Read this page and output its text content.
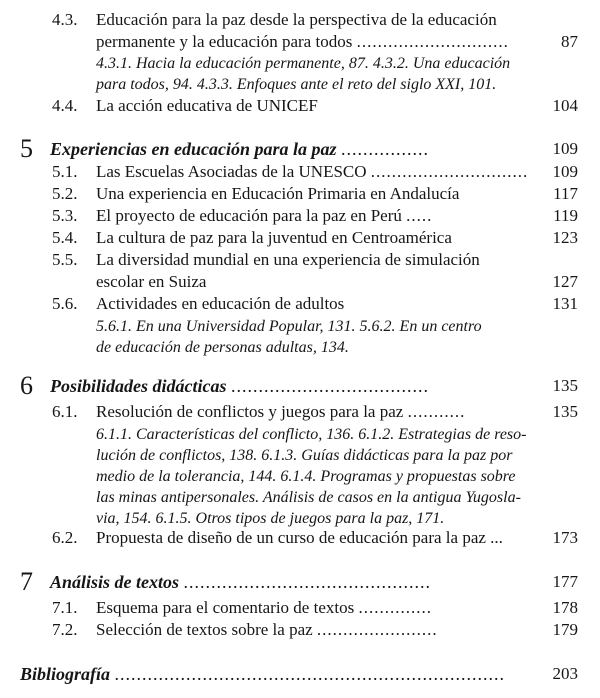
4.3.	Educación para la paz desde la perspectiva de la educación
permanente y la educación para todos .............................	87
4.3.1. Hacia la educación permanente, 87. 4.3.2. Una educación
para todos, 94. 4.3.3. Enfoques ante el reto del siglo XXI, 101.
4.4.	La acción educativa de UNICEF	104
5 Experiencias en educación para la paz ................	109
5.1.	Las Escuelas Asociadas de la UNESCO ..............................	109
5.2.	Una experiencia en Educación Primaria en Andalucía	117
5.3.	El proyecto de educación para la paz en Perú .....	119
5.4.	La cultura de paz para la juventud en Centroamérica	123
5.5.	La diversidad mundial en una experiencia de simulación
escolar en Suiza	127
5.6.	Actividades en educación de adultos	131
5.6.1. En una Universidad Popular, 131. 5.6.2. En un centro
de educación de personas adultas, 134.
6 Posibilidades didácticas ....................................	135
6.1.	Resolución de conflictos y juegos para la paz ...........	135
6.1.1. Características del conflicto, 136. 6.1.2. Estrategias de reso-
lución de conflictos, 138. 6.1.3. Guías didácticas para la paz por
medio de la tolerancia, 144. 6.1.4. Programas y propuestas sobre
las minas antipersonales. Análisis de casos en la antigua Yugosla-
via, 154. 6.1.5. Otros tipos de juegos para la paz, 171.
6.2.	Propuesta de diseño de un curso de educación para la paz ...	173
7 Análisis de textos .............................................	177
7.1.	Esquema para el comentario de textos ..............	178
7.2.	Selección de textos sobre la paz .......................	179
Bibliografía .......................................................................	203
